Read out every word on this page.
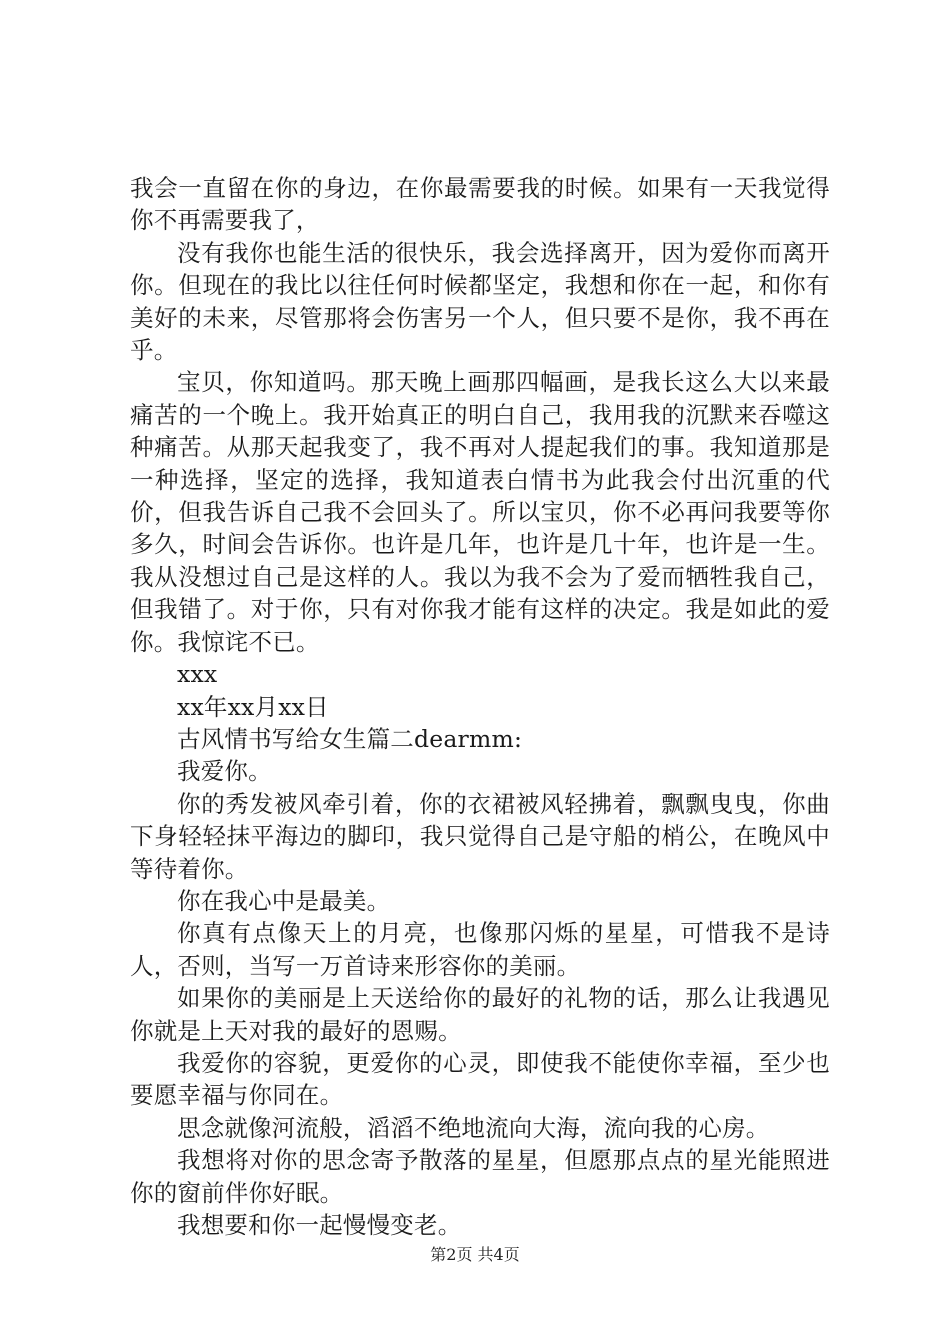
我会一直留在你的身边，在你最需要我的时候。如果有一天我觉得你不再需要我了，

没有我你也能生活的很快乐，我会选择离开，因为爱你而离开你。但现在的我比以往任何时候都坚定，我想和你在一起，和你有美好的未来，尽管那将会伤害另一个人，但只要不是你，我不再在乎。

宝贝，你知道吗。那天晚上画那四幅画，是我长这么大以来最痛苦的一个晚上。我开始真正的明白自己，我用我的沉默来吞噬这种痛苦。从那天起我变了，我不再对人提起我们的事。我知道那是一种选择，坚定的选择，我知道表白情书为此我会付出沉重的代价，但我告诉自己我不会回头了。所以宝贝，你不必再问我要等你多久，时间会告诉你。也许是几年，也许是几十年，也许是一生。我从没想过自己是这样的人。我以为我不会为了爱而牺牲我自己，但我错了。对于你，只有对你我才能有这样的决定。我是如此的爱你。我惊诧不已。

xxx

xx年xx月xx日

古风情书写给女生篇二dearmm:

我爱你。

你的秀发被风牵引着，你的衣裙被风轻拂着，飘飘曳曳，你曲下身轻轻抹平海边的脚印，我只觉得自己是守船的梢公，在晚风中等待着你。

你在我心中是最美。

你真有点像天上的月亮，也像那闪烁的星星，可惜我不是诗人，否则，当写一万首诗来形容你的美丽。

如果你的美丽是上天送给你的最好的礼物的话，那么让我遇见你就是上天对我的最好的恩赐。

我爱你的容貌，更爱你的心灵，即使我不能使你幸福，至少也要愿幸福与你同在。

思念就像河流般，滔滔不绝地流向大海，流向我的心房。

我想将对你的思念寄予散落的星星，但愿那点点的星光能照进你的窗前伴你好眠。

我想要和你一起慢慢变老。

第2页 共4页
